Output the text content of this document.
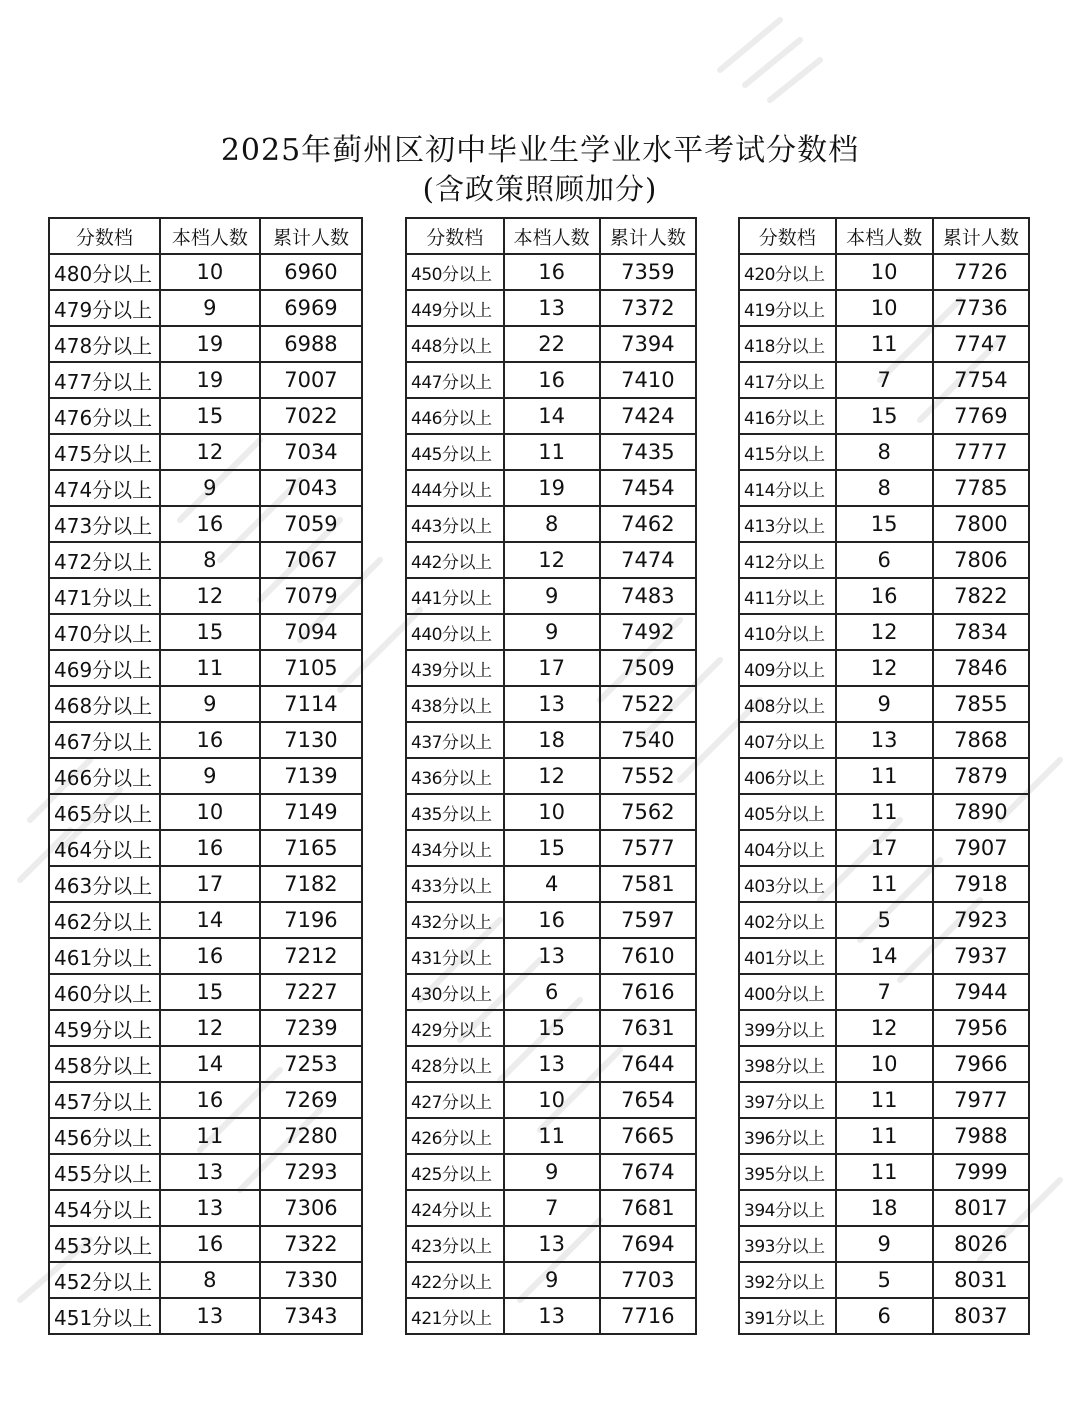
2025年蓟州区初中毕业生学业水平考试分数档
(含政策照顾加分)
分数档	本档人数	累计人数
480分以上	10	6960
479分以上	9	6969
478分以上	19	6988
477分以上	19	7007
476分以上	15	7022
475分以上	12	7034
474分以上	9	7043
473分以上	16	7059
472分以上	8	7067
471分以上	12	7079
470分以上	15	7094
469分以上	11	7105
468分以上	9	7114
467分以上	16	7130
466分以上	9	7139
465分以上	10	7149
464分以上	16	7165
463分以上	17	7182
462分以上	14	7196
461分以上	16	7212
460分以上	15	7227
459分以上	12	7239
458分以上	14	7253
457分以上	16	7269
456分以上	11	7280
455分以上	13	7293
454分以上	13	7306
453分以上	16	7322
452分以上	8	7330
451分以上	13	7343
分数档	本档人数	累计人数
450分以上	16	7359
449分以上	13	7372
448分以上	22	7394
447分以上	16	7410
446分以上	14	7424
445分以上	11	7435
444分以上	19	7454
443分以上	8	7462
442分以上	12	7474
441分以上	9	7483
440分以上	9	7492
439分以上	17	7509
438分以上	13	7522
437分以上	18	7540
436分以上	12	7552
435分以上	10	7562
434分以上	15	7577
433分以上	4	7581
432分以上	16	7597
431分以上	13	7610
430分以上	6	7616
429分以上	15	7631
428分以上	13	7644
427分以上	10	7654
426分以上	11	7665
425分以上	9	7674
424分以上	7	7681
423分以上	13	7694
422分以上	9	7703
421分以上	13	7716
分数档	本档人数	累计人数
420分以上	10	7726
419分以上	10	7736
418分以上	11	7747
417分以上	7	7754
416分以上	15	7769
415分以上	8	7777
414分以上	8	7785
413分以上	15	7800
412分以上	6	7806
411分以上	16	7822
410分以上	12	7834
409分以上	12	7846
408分以上	9	7855
407分以上	13	7868
406分以上	11	7879
405分以上	11	7890
404分以上	17	7907
403分以上	11	7918
402分以上	5	7923
401分以上	14	7937
400分以上	7	7944
399分以上	12	7956
398分以上	10	7966
397分以上	11	7977
396分以上	11	7988
395分以上	11	7999
394分以上	18	8017
393分以上	9	8026
392分以上	5	8031
391分以上	6	8037
